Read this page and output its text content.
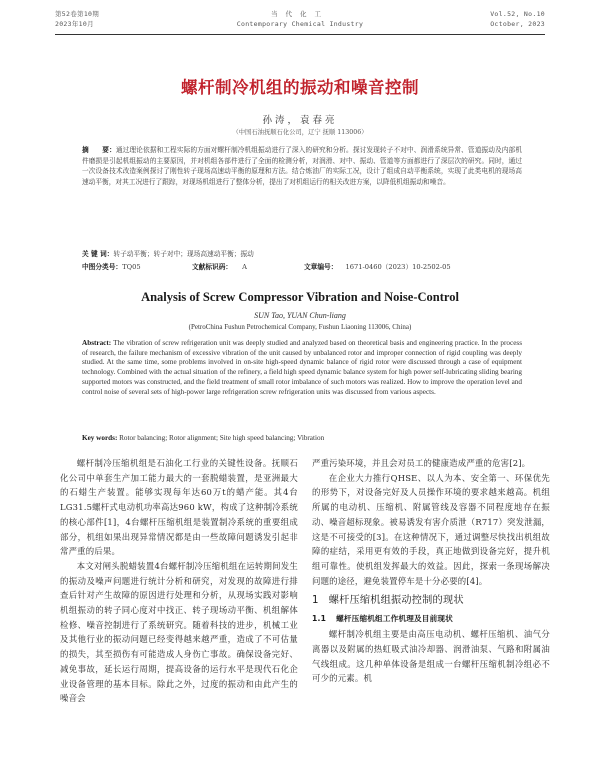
第52卷第10期
2023年10月
当代化工
Contemporary Chemical Industry
Vol.52, No.10
October, 2023
螺杆制冷机组的振动和噪音控制
孙涛，袁春亮
（中国石油抚顺石化公司，辽宁 抚顺 113006）
摘　　要：通过理论依据和工程实际的方面对螺杆制冷机组振动进行了深入的研究和分析。探讨发现转子不对中、润滑系统异常、管道振动及内部机件磨损是引起机组振动的主要原因，并对机组各部件进行了全面的检测分析，对润滑、对中、振动、管道等方面都进行了深层次的研究。同时，通过一次设备技术改造案例探讨了刚性转子现场高速动平衡的原理和方法。结合炼油厂的实际工况，设计了组成自动平衡系统，实现了此类电机的现场高速动平衡，对其工况进行了跟踪，对现场机组进行了整体分析，提出了对机组运行的相关改进方案，以降低机组振动和噪音。
关 键 词：转子动平衡；转子对中；现场高速动平衡；振动
中图分类号：TQ05	文献标识码： A	文章编号： 1671-0460（2023）10-2502-05
Analysis of Screw Compressor Vibration and Noise-Control
SUN Tao, YUAN Chun-liang
(PetroChina Fushun Petrochemical Company, Fushun Liaoning 113006, China)
Abstract: The vibration of screw refrigeration unit was deeply studied and analyzed based on theoretical basis and engineering practice. In the process of research, the failure mechanism of excessive vibration of the unit caused by unbalanced rotor and improper connection of rigid coupling was deeply studied. At the same time, some problems involved in on-site high-speed dynamic balance of rigid rotor were discussed through a case of equipment technology. Combined with the actual situation of the refinery, a field high speed dynamic balance system for high power self-lubricating sliding bearing supported motors was constructed, and the field treatment of small rotor imbalance of such motors was realized. How to improve the operation level and control noise of several sets of high-power large refrigeration screw refrigeration units was discussed from various aspects.
Key words: Rotor balancing; Rotor alignment; Site high speed balancing; Vibration

螺杆制冷压缩机组是石油化工行业的关键性设备。抚顺石化公司中单套生产加工能力最大的一套脱蜡装置，是亚洲最大的石蜡生产装置。能够实现每年达60万t的蜡产能。其4台LG31.5螺杆式电动机功率高达960 kW，构成了这种制冷系统的核心部件[1]，4台螺杆压缩机组是装置制冷系统的重要组成部分，机组如果出现异常情况都是由一些故障问题诱发引起非常严重的后果。

本文对闸头脱蜡装置4台螺杆制冷压缩机组在运转期间发生的振动及噪声问题进行统计分析和研究，对发现的故障进行排查后针对产生故障的原因进行处理和分析，从现场实践对影响机组振动的转子同心度对中找正、转子现场动平衡、机组解体检修、噪音控制进行了系统研究。随着科技的进步，机械工业及其他行业的振动问题已经变得越来越严重，造成了不可估量的损失，其至损伤有可能造成人身伤亡事故。确保设备完好、减免事故，延长运行周期，提高设备的运行水平是现代石化企业设备管理的基本目标。除此之外，过度的振动和由此产生的噪音会

严重污染环境，并且会对员工的健康造成严重的危害[2]。

在企业大力推行QHSE、以人为本、安全第一、环保优先的形势下，对设备完好及人员操作环境的要求越来越高。机组所属的电动机、压缩机、附属管线及容器不同程度地存在振动、噪音超标现象。被易诱发有害介质泄（R717）突发泄漏，这是不可接受的[3]。在这种情况下，通过调整尽快找出机组故障的症结，采用更有效的手段，真正地做到设备完好，提升机组可靠性。使机组发挥最大的效益。因此，探索一条现场解决问题的途径，避免装置停车是十分必要的[4]。

1 螺杆压缩机组振动控制的现状
1.1 螺杆压缩机组工作机理及目前现状

螺杆制冷机组主要是由高压电动机、螺杆压缩机、油气分离器以及附属的热虹吸式油冷却器、润滑油泵、气路和附属油气线组成。这几种单体设备是组成一台螺杆压缩机制冷组必不可少的元素。机
